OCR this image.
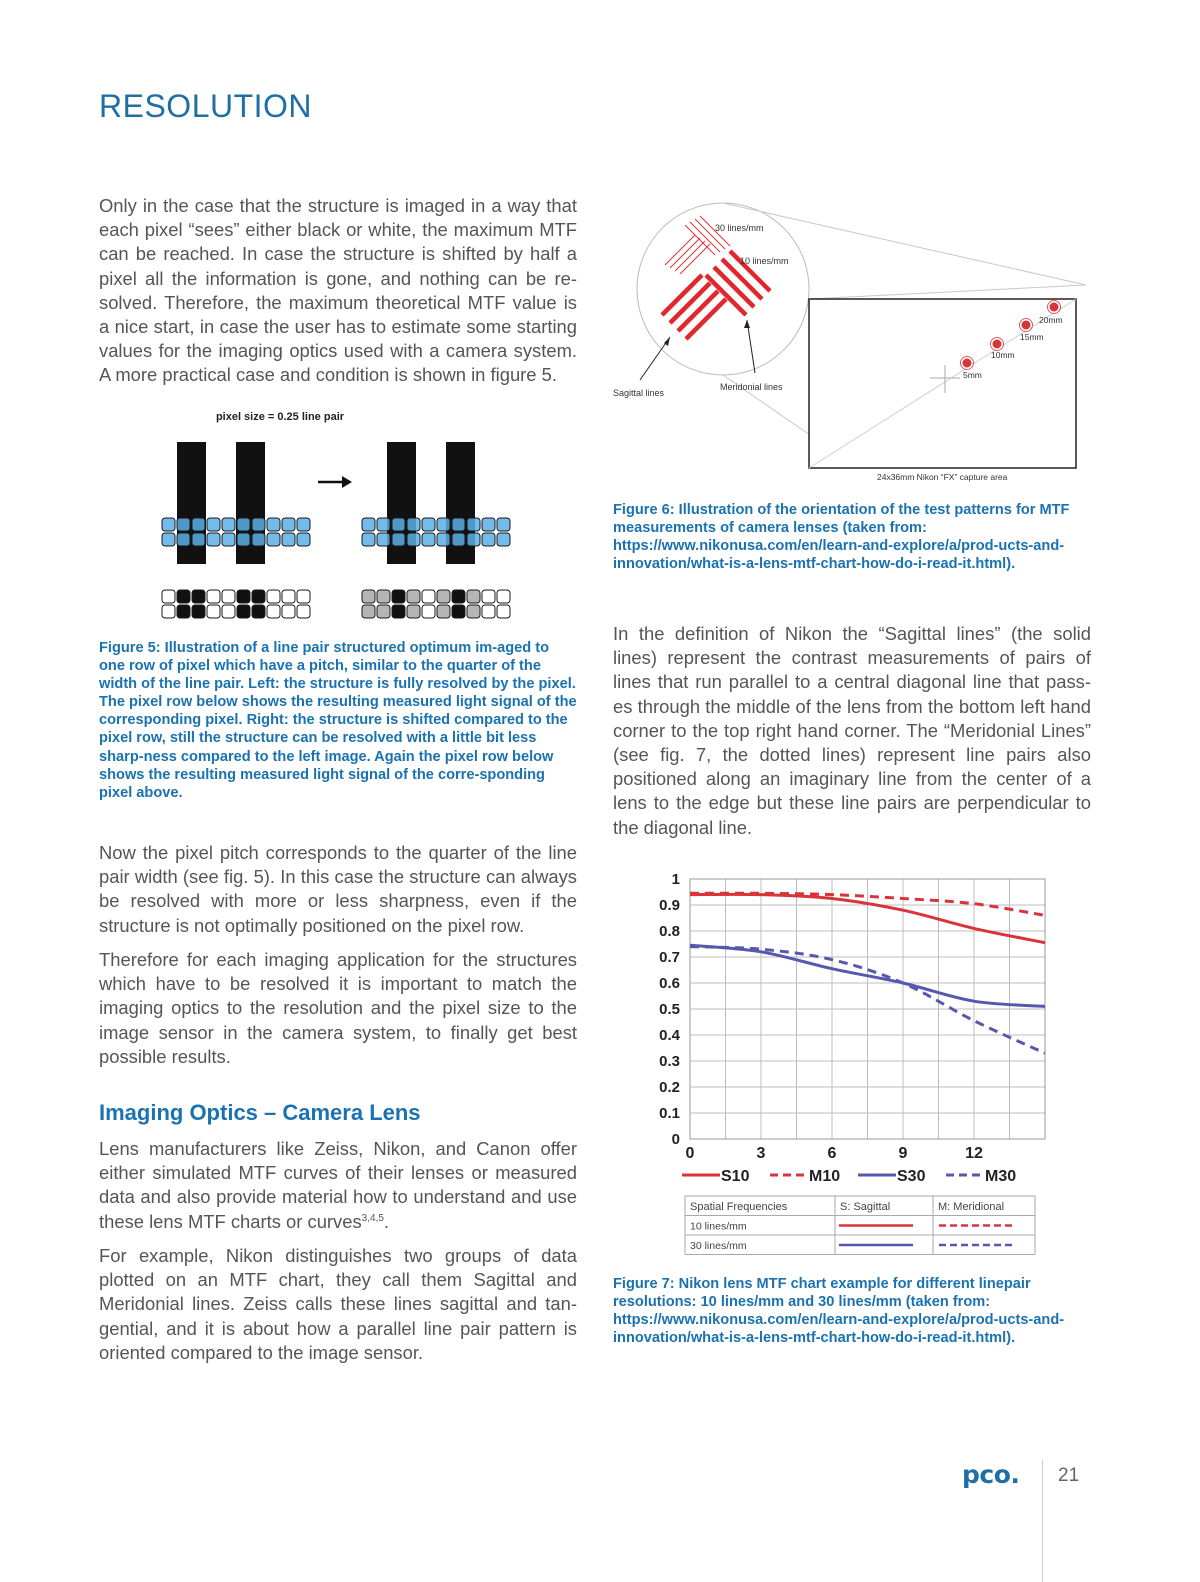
RESOLUTION
Only in the case that the structure is imaged in a way that each pixel “sees” either black or white, the maximum MTF can be reached. In case the structure is shifted by half a pixel all the information is gone, and nothing can be re-solved. Therefore, the maximum theoretical MTF value is a nice start, in case the user has to estimate some starting values for the imaging optics used with a camera system. A more practical case and condition is shown in figure 5.
pixel size = 0.25 line pair
Figure 5: Illustration of a line pair structured optimum im-aged to one row of pixel which have a pitch, similar to the quarter of the width of the line pair. Left: the structure is fully resolved by the pixel. The pixel row below shows the resulting measured light signal of the corresponding pixel. Right: the structure is shifted compared to the pixel row, still the structure can be resolved with a little bit less sharp-ness compared to the left image. Again the pixel row below shows the resulting measured light signal of the corre-sponding pixel above.
Now the pixel pitch corresponds to the quarter of the line pair width (see fig. 5). In this case the structure can always be resolved with more or less sharpness, even if the structure is not optimally positioned on the pixel row.
Therefore for each imaging application for the structures which have to be resolved it is important to match the imaging optics to the resolution and the pixel size to the image sensor in the camera system, to finally get best possible results.
Imaging Optics – Camera Lens
Lens manufacturers like Zeiss, Nikon, and Canon offer either simulated MTF curves of their lenses or measured data and also provide material how to understand and use these lens MTF charts or curves$^{3,4,5}$.
For example, Nikon distinguishes two groups of data plotted on an MTF chart, they call them Sagittal and Meridonial lines. Zeiss calls these lines sagittal and tan-gential, and it is about how a parallel line pair pattern is oriented compared to the image sensor.
30 lines/mm
10 lines/mm
Sagittal lines
Meridonial lines
20mm
15mm
10mm
5mm
24x36mm Nikon “FX” capture area
Figure 6: Illustration of the orientation of the test patterns for MTF measurements of camera lenses (taken from: https://www.nikonusa.com/en/learn-and-explore/a/prod-ucts-and-innovation/what-is-a-lens-mtf-chart-how-do-i-read-it.html).
In the definition of Nikon the “Sagittal lines” (the solid lines) represent the contrast measurements of pairs of lines that run parallel to a central diagonal line that pass-es through the middle of the lens from the bottom left hand corner to the top right hand corner. The “Meridonial Lines” (see fig. 7, the dotted lines) represent line pairs also positioned along an imaginary line from the center of a lens to the edge but these line pairs are perpendicular to the diagonal line.
0
0.1
0.2
0.3
0.4
0.5
0.6
0.7
0.8
0.9
1
0	3	6	9	12
S10	M10	S30	M30
Spatial Frequencies	S: Sagittal	M: Meridional
10 lines/mm
30 lines/mm
Figure 7: Nikon lens MTF chart example for different linepair resolutions: 10 lines/mm and 30 lines/mm (taken from: https://www.nikonusa.com/en/learn-and-explore/a/prod-ucts-and-innovation/what-is-a-lens-mtf-chart-how-do-i-read-it.html).
pco. 21
